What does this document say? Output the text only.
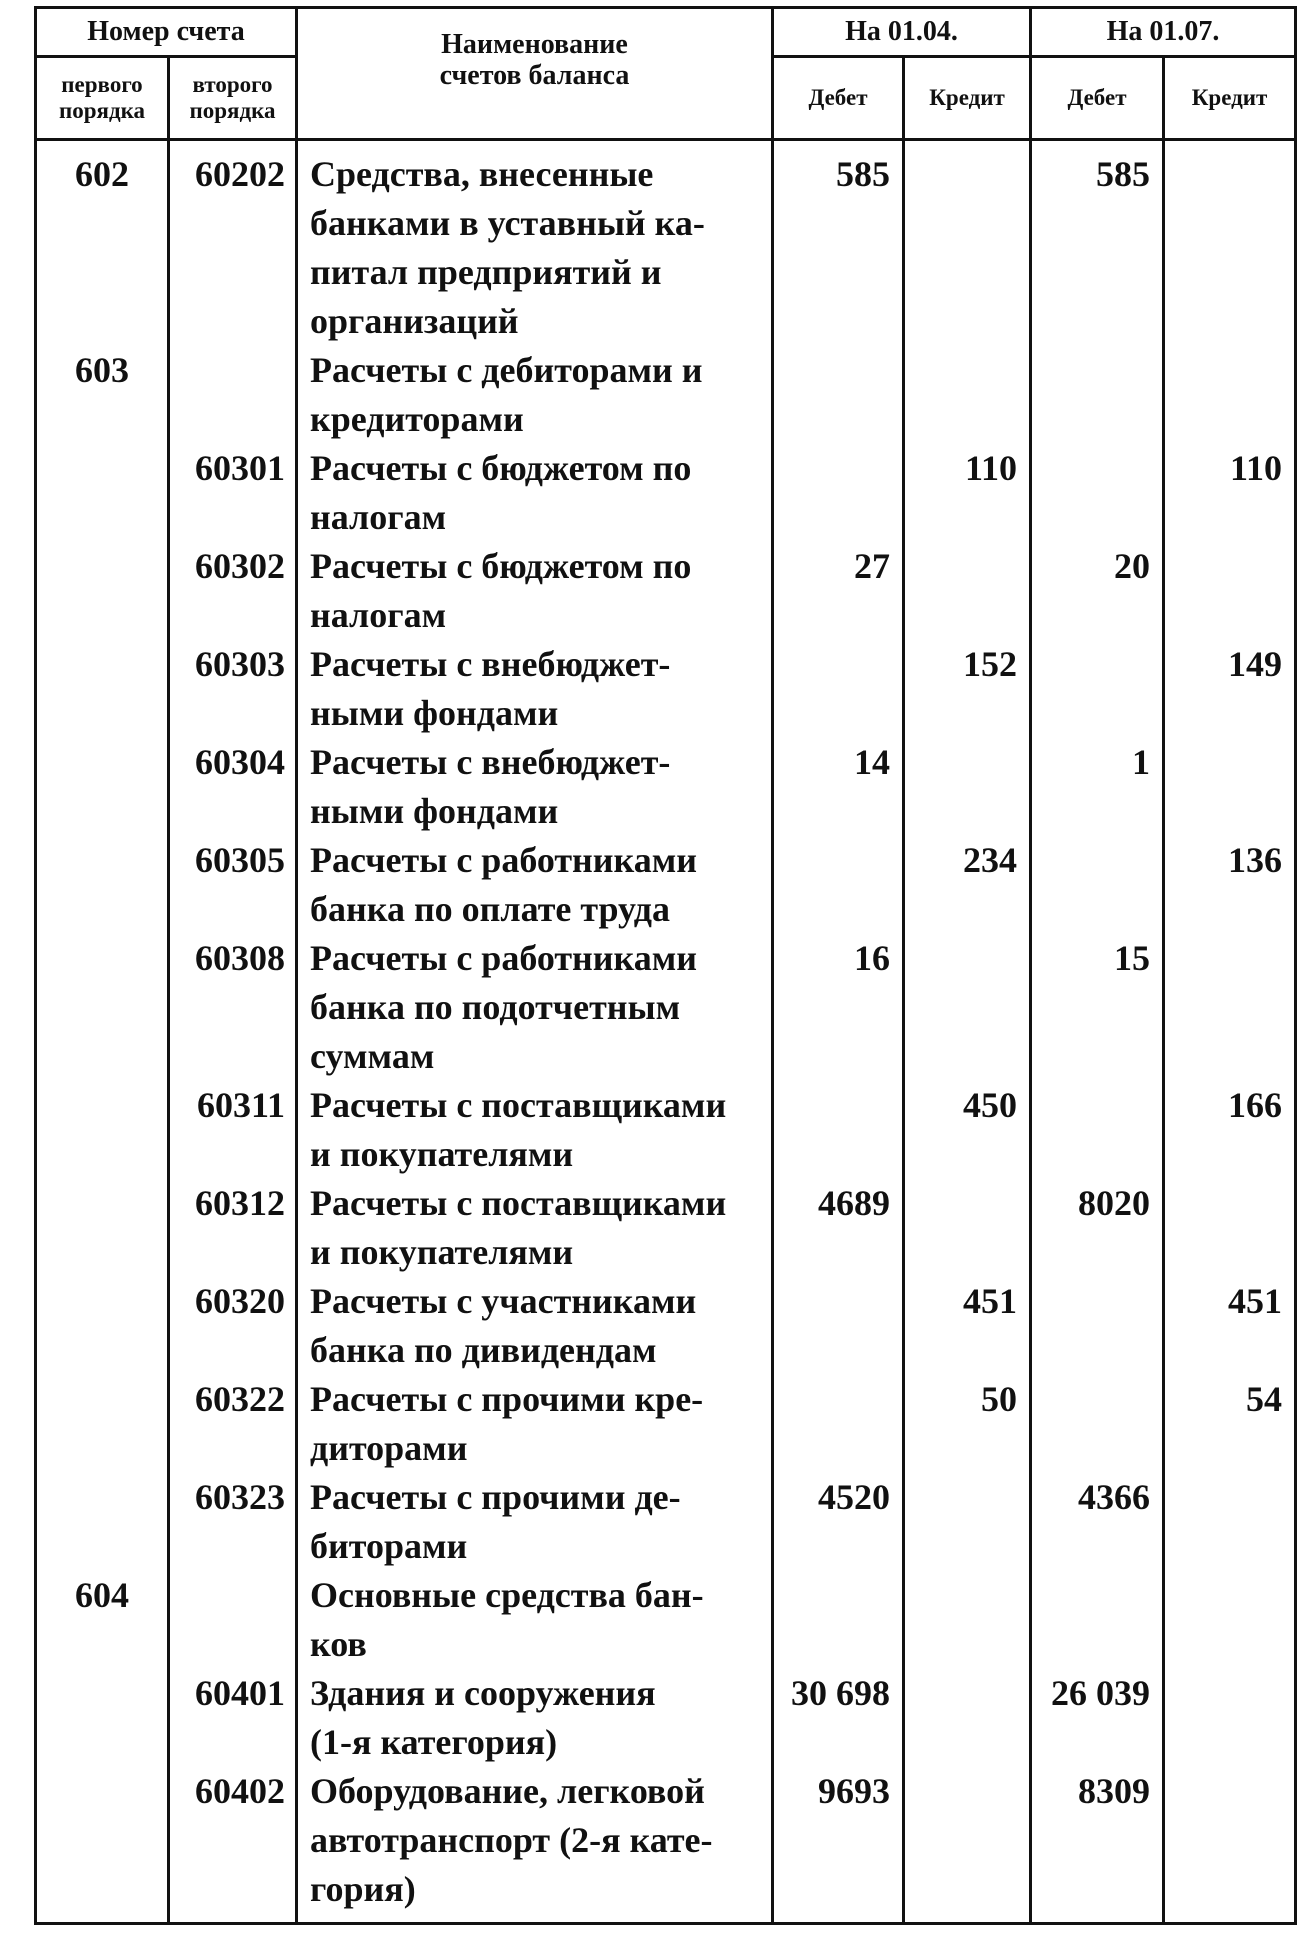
Номер счета		Наименование
счетов баланса	На 01.04.		На 01.07.	
первого
порядка	второго
порядка		Дебет	Кредит	Дебет	Кредит
602	60202	Средства, внесенные
банками в уставный ка-
питал предприятий и
организаций	585		585	
603		Расчеты с дебиторами и
кредиторами				
	60301	Расчеты с бюджетом по
налогам		110		110
	60302	Расчеты с бюджетом по
налогам	27		20	
	60303	Расчеты с внебюджет-
ными фондами		152		149
	60304	Расчеты с внебюджет-
ными фондами	14		1	
	60305	Расчеты с работниками
банка по оплате труда		234		136
	60308	Расчеты с работниками
банка по подотчетным
суммам	16		15	
	60311	Расчеты с поставщиками
и покупателями		450		166
	60312	Расчеты с поставщиками
и покупателями	4689		8020	
	60320	Расчеты с участниками
банка по дивидендам		451		451
	60322	Расчеты с прочими кре-
диторами		50		54
	60323	Расчеты с прочими де-
биторами	4520		4366	
604		Основные средства бан-
ков				
	60401	Здания и сооружения
(1-я категория)	30 698		26 039	
	60402	Оборудование, легковой
автотранспорт (2-я кате-
гория)	9693		8309	
